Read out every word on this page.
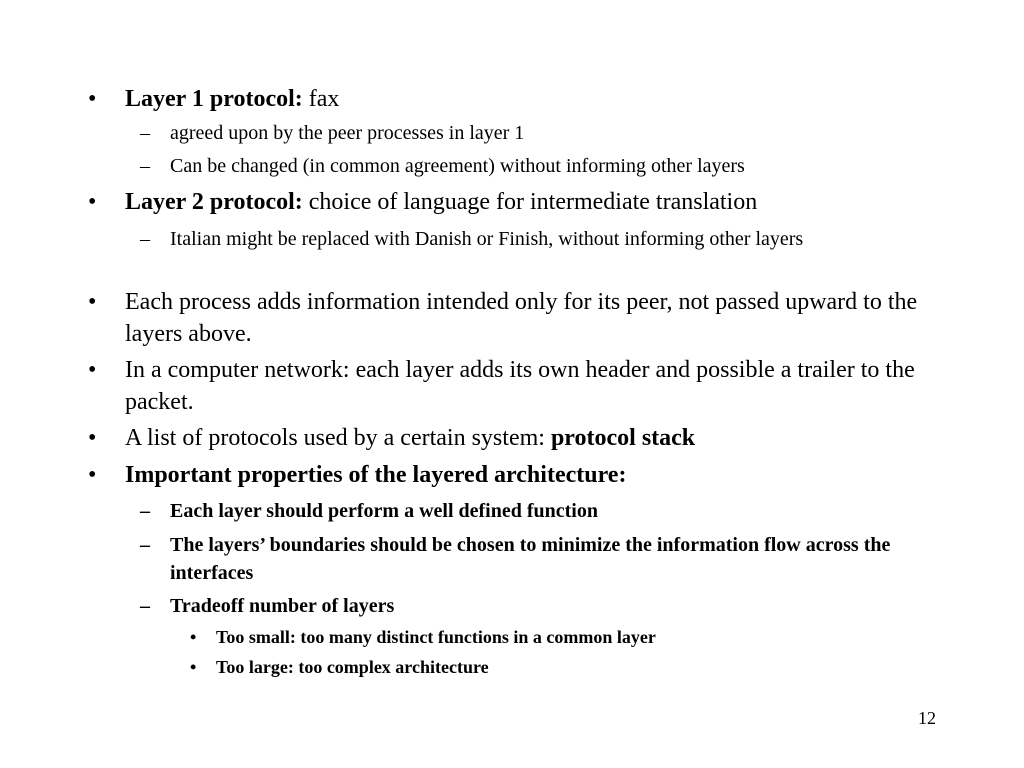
• Layer 1 protocol: fax
– agreed upon by the peer processes in layer 1
– Can be changed (in common agreement) without informing other layers
• Layer 2 protocol: choice of language for intermediate translation
– Italian might be replaced with Danish or Finish, without informing other layers
• Each process adds information intended only for its peer, not passed upward to the layers above.
• In a computer network: each layer adds its own header and possible a trailer to the packet.
• A list of protocols used by a certain system: protocol stack
• Important properties of the layered architecture:
– Each layer should perform a well defined function
– The layers’ boundaries should be chosen to minimize the information flow across the interfaces
– Tradeoff number of layers
• Too small: too many distinct functions in a common layer
• Too large: too complex architecture
12
